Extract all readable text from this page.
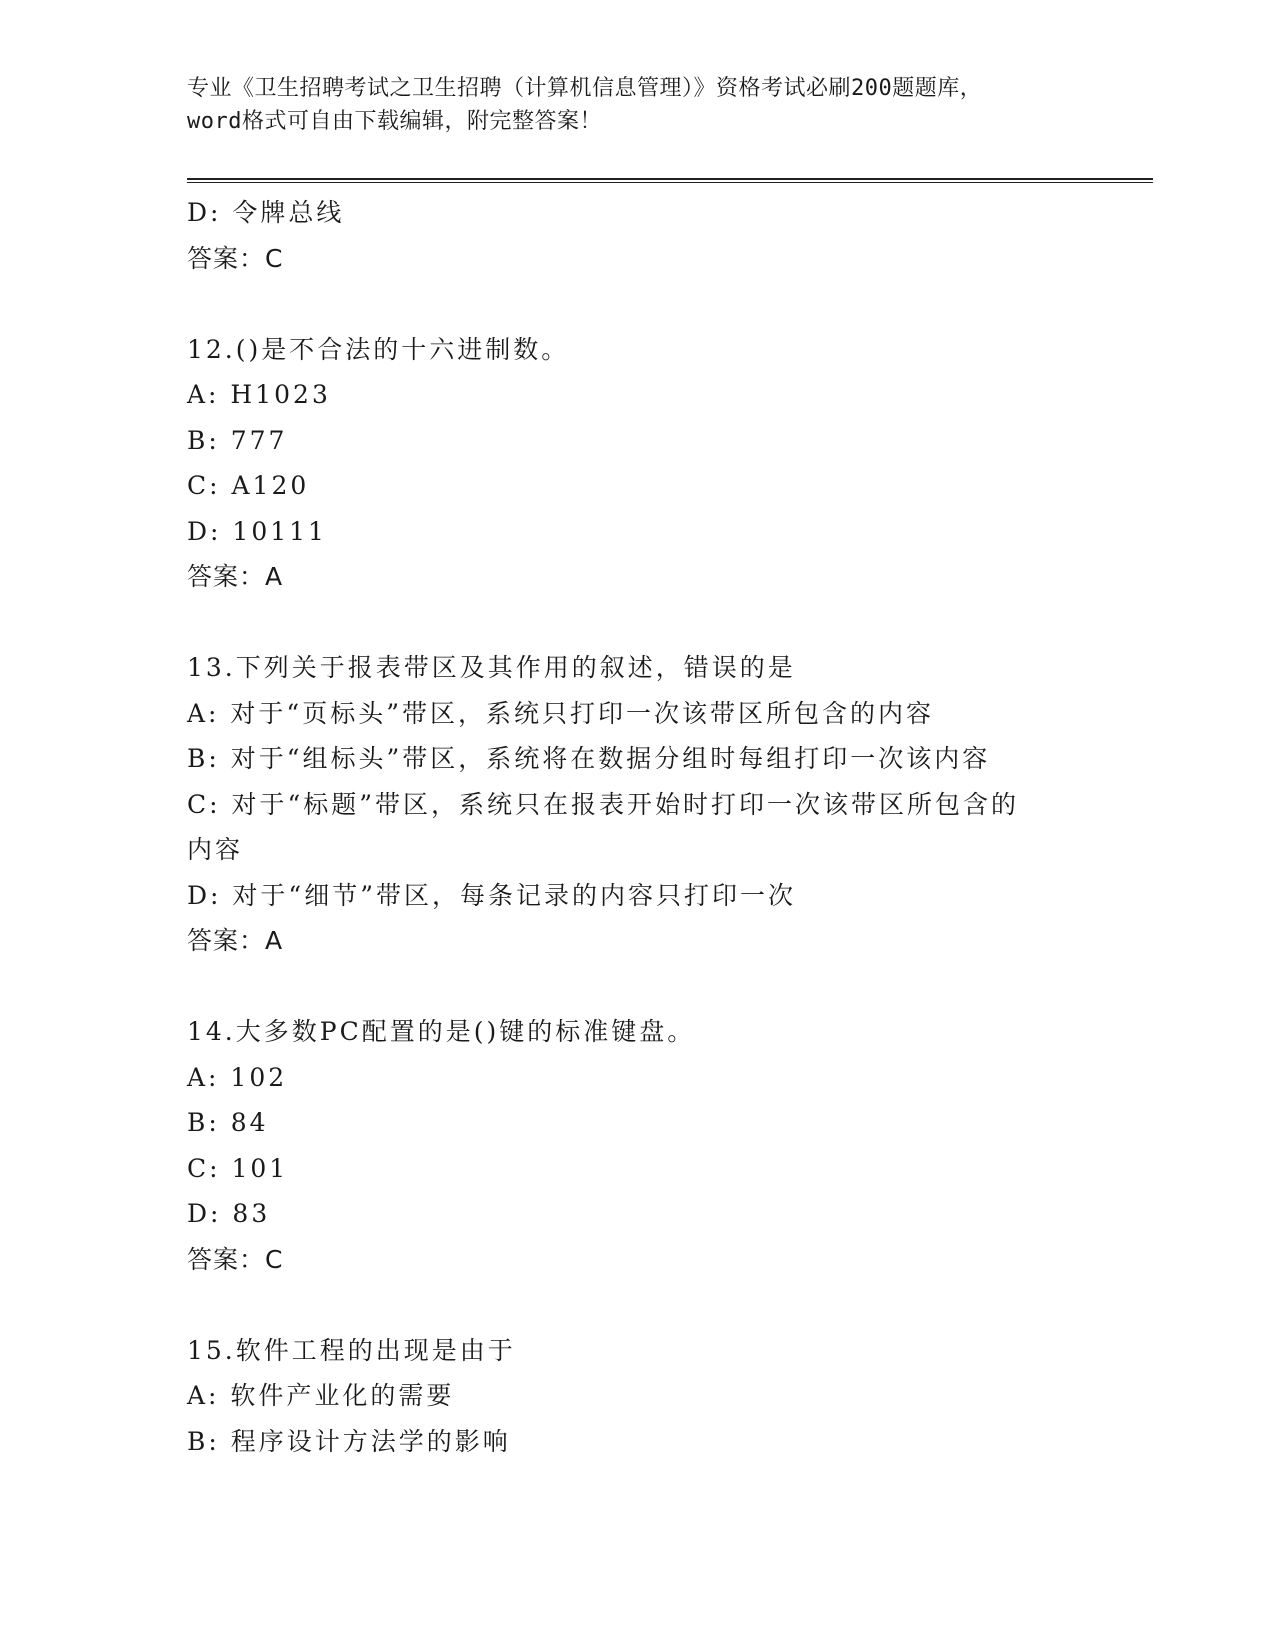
专业《卫生招聘考试之卫生招聘（计算机信息管理）》资格考试必刷200题题库，
word格式可自由下载编辑，附完整答案！
D: 令牌总线
答案：C
12.()是不合法的十六进制数。
A: H1023
B: 777
C: A120
D: 10111
答案：A
13.下列关于报表带区及其作用的叙述，错误的是
A: 对于“页标头”带区，系统只打印一次该带区所包含的内容
B: 对于“组标头”带区，系统将在数据分组时每组打印一次该内容
C: 对于“标题”带区，系统只在报表开始时打印一次该带区所包含的
内容
D: 对于“细节”带区，每条记录的内容只打印一次
答案：A
14.大多数PC配置的是()键的标准键盘。
A: 102
B: 84
C: 101
D: 83
答案：C
15.软件工程的出现是由于
A: 软件产业化的需要
B: 程序设计方法学的影响
